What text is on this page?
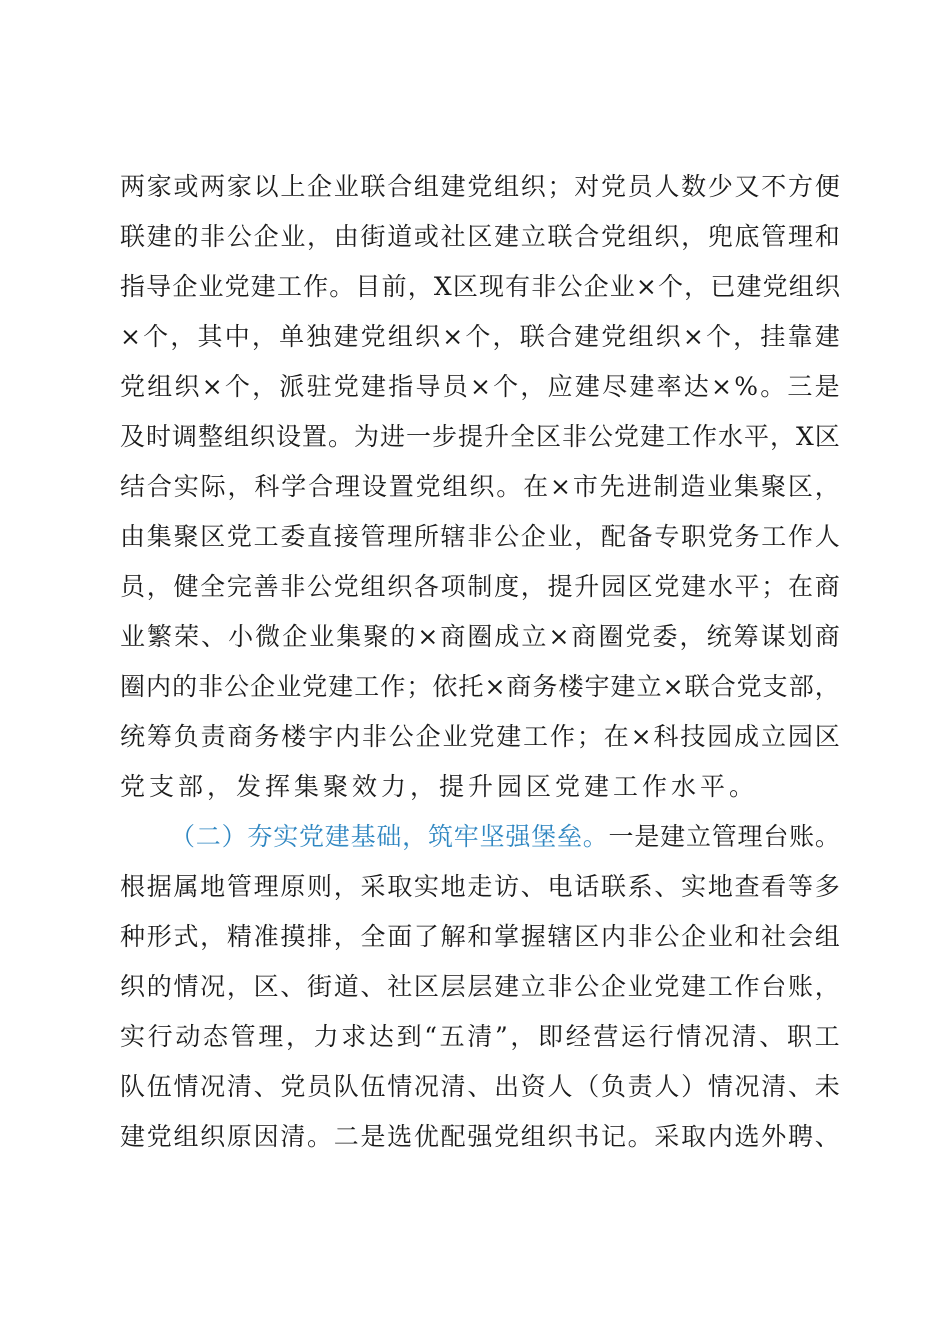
两 家 或 两 家 以 上 企 业 联 合 组 建 党 组 织 ； 对 党 员 人 数 少 又 不 方 便
联 建 的 非 公 企 业 ， 由 街 道 或 社 区 建 立 联 合 党 组 织 ， 兜 底 管 理 和
指 导 企 业 党 建 工 作 。 目 前 ， X 区 现 有 非 公 企 业 × 个 ， 已 建 党 组 织
× 个 ， 其 中 ， 单 独 建 党 组 织 × 个 ， 联 合 建 党 组 织 × 个 ， 挂 靠 建
党 组 织 × 个 ， 派 驻 党 建 指 导 员 × 个 ， 应 建 尽 建 率 达 × % 。 三 是
及 时 调 整 组 织 设 置 。 为 进 一 步 提 升 全 区 非 公 党 建 工 作 水 平 ， X 区
结 合 实 际 ， 科 学 合 理 设 置 党 组 织 。 在 × 市 先 进 制 造 业 集 聚 区 ，
由 集 聚 区 党 工 委 直 接 管 理 所 辖 非 公 企 业 ， 配 备 专 职 党 务 工 作 人
员 ， 健 全 完 善 非 公 党 组 织 各 项 制 度 ， 提 升 园 区 党 建 水 平 ； 在 商
业 繁 荣 、 小 微 企 业 集 聚 的 × 商 圈 成 立 × 商 圈 党 委 ， 统 筹 谋 划 商
圈 内 的 非 公 企 业 党 建 工 作 ； 依 托 × 商 务 楼 宇 建 立 × 联 合 党 支 部 ，
统 筹 负 责 商 务 楼 宇 内 非 公 企 业 党 建 工 作 ； 在 × 科 技 园 成 立 园 区
党支部，发挥集聚效力，提升园区党建工作水平。
（ 二 ） 夯 实 党 建 基 础 ， 筑 牢 坚 强 堡 垒 。 一 是 建 立 管 理 台 账 。
根 据 属 地 管 理 原 则 ， 采 取 实 地 走 访 、 电 话 联 系 、 实 地 查 看 等 多
种 形 式 ， 精 准 摸 排 ， 全 面 了 解 和 掌 握 辖 区 内 非 公 企 业 和 社 会 组
织 的 情 况 ， 区 、 街 道 、 社 区 层 层 建 立 非 公 企 业 党 建 工 作 台 账 ，
实 行 动 态 管 理 ， 力 求 达 到 “ 五 清 ” ， 即 经 营 运 行 情 况 清 、 职 工
队 伍 情 况 清 、 党 员 队 伍 情 况 清 、 出 资 人 （ 负 责 人 ） 情 况 清 、 未
建 党 组 织 原 因 清 。 二 是 选 优 配 强 党 组 织 书 记 。 采 取 内 选 外 聘 、
